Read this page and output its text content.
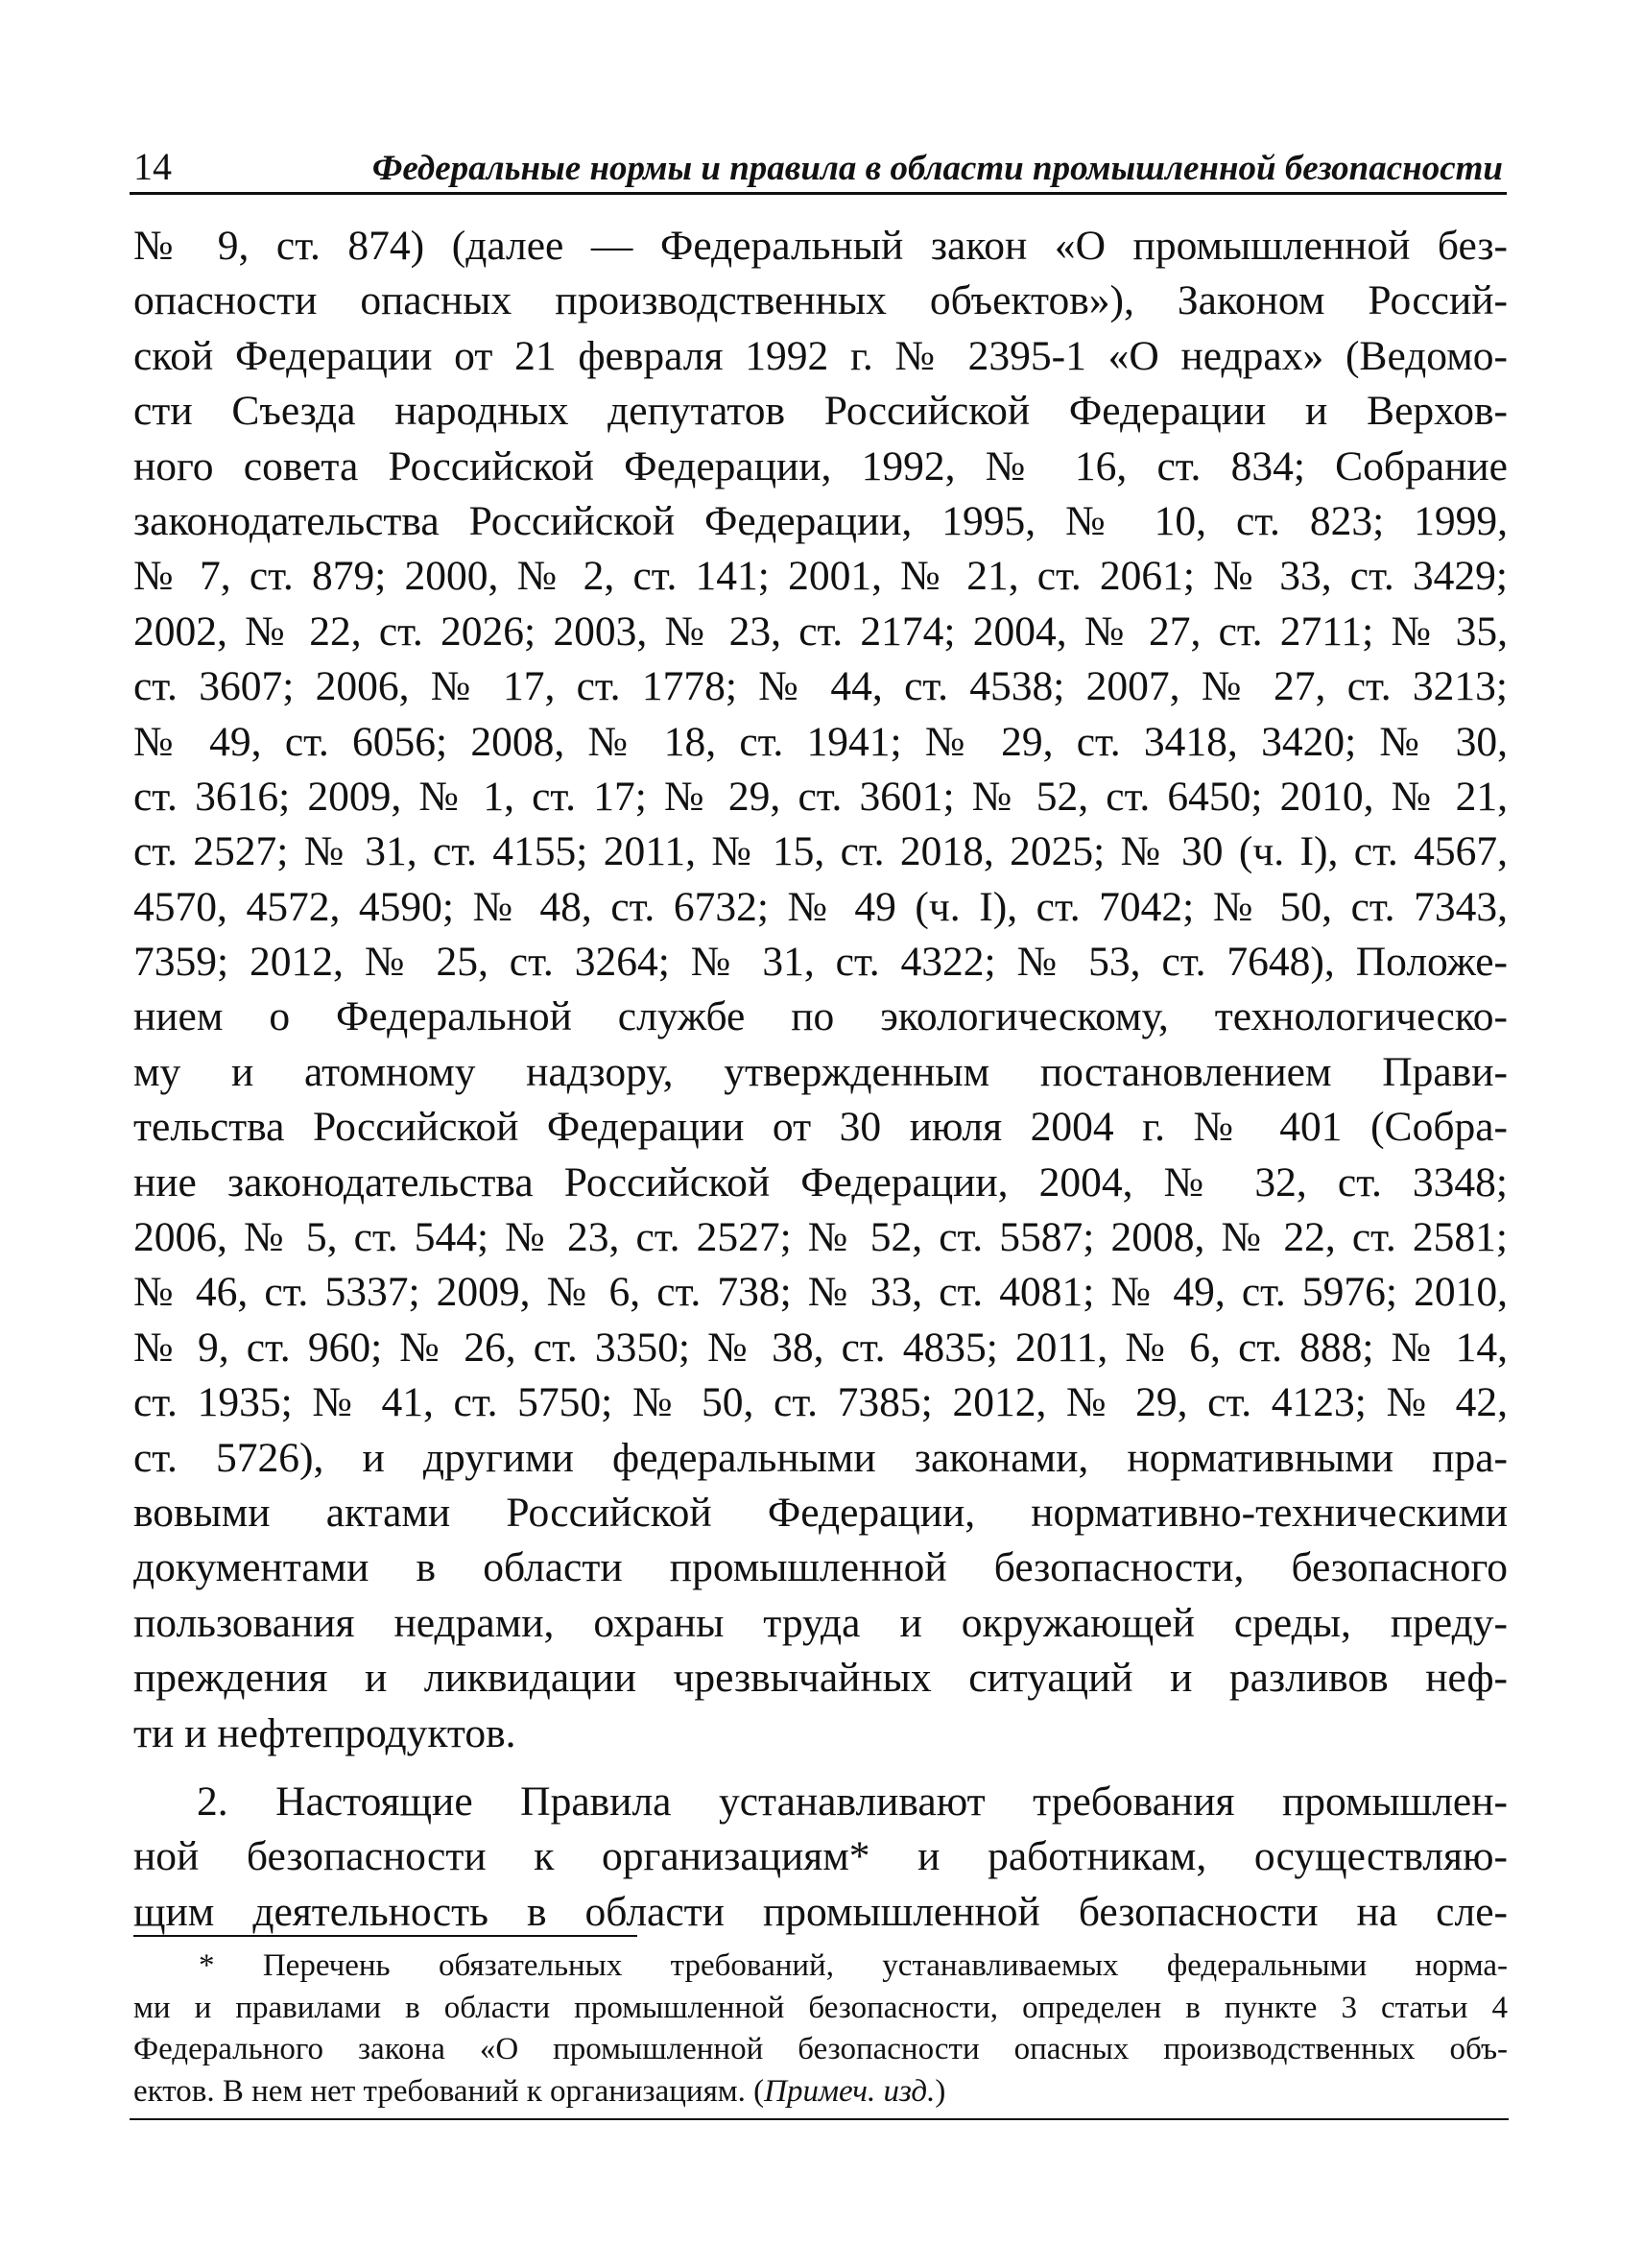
14	Федеральные нормы и правила в области промышленной безопасности
№ 9, ст. 874) (далее — Федеральный закон «О промышленной без-
опасности опасных производственных объектов»), Законом Россий-
ской Федерации от 21 февраля 1992 г. № 2395-1 «О недрах» (Ведомо-
сти Съезда народных депутатов Российской Федерации и Верхов-
ного совета Российской Федерации, 1992, № 16, ст. 834; Собрание
законодательства Российской Федерации, 1995, № 10, ст. 823; 1999,
№ 7, ст. 879; 2000, № 2, ст. 141; 2001, № 21, ст. 2061; № 33, ст. 3429;
2002, № 22, ст. 2026; 2003, № 23, ст. 2174; 2004, № 27, ст. 2711; № 35,
ст. 3607; 2006, № 17, ст. 1778; № 44, ст. 4538; 2007, № 27, ст. 3213;
№ 49, ст. 6056; 2008, № 18, ст. 1941; № 29, ст. 3418, 3420; № 30,
ст. 3616; 2009, № 1, ст. 17; № 29, ст. 3601; № 52, ст. 6450; 2010, № 21,
ст. 2527; № 31, ст. 4155; 2011, № 15, ст. 2018, 2025; № 30 (ч. I), ст. 4567,
4570, 4572, 4590; № 48, ст. 6732; № 49 (ч. I), ст. 7042; № 50, ст. 7343,
7359; 2012, № 25, ст. 3264; № 31, ст. 4322; № 53, ст. 7648), Положе-
нием о Федеральной службе по экологическому, технологическо-
му и атомному надзору, утвержденным постановлением Прави-
тельства Российской Федерации от 30 июля 2004 г. № 401 (Собра-
ние законодательства Российской Федерации, 2004, № 32, ст. 3348;
2006, № 5, ст. 544; № 23, ст. 2527; № 52, ст. 5587; 2008, № 22, ст. 2581;
№ 46, ст. 5337; 2009, № 6, ст. 738; № 33, ст. 4081; № 49, ст. 5976; 2010,
№ 9, ст. 960; № 26, ст. 3350; № 38, ст. 4835; 2011, № 6, ст. 888; № 14,
ст. 1935; № 41, ст. 5750; № 50, ст. 7385; 2012, № 29, ст. 4123; № 42,
ст. 5726), и другими федеральными законами, нормативными пра-
вовыми актами Российской Федерации, нормативно-техническими
документами в области промышленной безопасности, безопасного
пользования недрами, охраны труда и окружающей среды, преду-
преждения и ликвидации чрезвычайных ситуаций и разливов неф-
ти и нефтепродуктов.
2. Настоящие Правила устанавливают требования промышлен-
ной безопасности к организациям* и работникам, осуществляю-
щим деятельность в области промышленной безопасности на сле-
* Перечень обязательных требований, устанавливаемых федеральными норма-
ми и правилами в области промышленной безопасности, определен в пункте 3 статьи 4
Федерального закона «О промышленной безопасности опасных производственных объ-
ектов. В нем нет требований к организациям. (Примеч. изд.)
